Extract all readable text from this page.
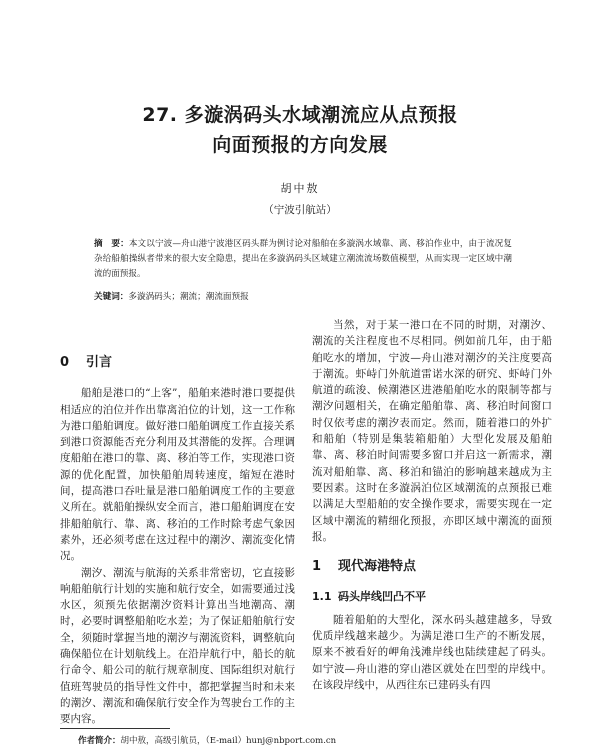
27. 多漩涡码头水域潮流应从点预报
向面预报的方向发展
胡中敖
（宁波引航站）
摘　要：本文以宁波—舟山港宁波港区码头群为例讨论对船舶在多漩涡水域靠、离、移泊作业中，由于流况复杂给船舶操纵者带来的很大安全隐患，提出在多漩涡码头区域建立潮流流场数值模型，从而实现一定区域中潮流的面预报。
关键词：多漩涡码头；潮流；潮流面预报
0 引言

船舶是港口的“上客”，船舶来港时港口要提供相适应的泊位并作出靠离泊位的计划，这一工作称为港口船舶调度。做好港口船舶调度工作直接关系到港口资源能否充分利用及其潜能的发挥。合理调度船舶在港口的靠、离、移泊等工作，实现港口资源的优化配置，加快船舶周转速度，缩短在港时间，提高港口吞吐量是港口船舶调度工作的主要意义所在。就船舶操纵安全而言，港口船舶调度在安排船舶航行、靠、离、移泊的工作时除考虑气象因素外，还必须考虑在这过程中的潮汐、潮流变化情况。

潮汐、潮流与航海的关系非常密切，它直接影响船舶航行计划的实施和航行安全，如需要通过浅水区，须预先依据潮汐资料计算出当地潮高、潮时，必要时调整船舶吃水差；为了保证船舶航行安全，须随时掌握当地的潮汐与潮流资料，调整航向确保船位在计划航线上。在沿岸航行中，船长的航行命令、船公司的航行规章制度、国际组织对航行值班驾驶员的指导性文件中，都把掌握当时和未来的潮汐、潮流和确保航行安全作为驾驶台工作的主要内容。

当然，对于某一港口在不同的时期，对潮汐、潮流的关注程度也不尽相同。例如前几年，由于船舶吃水的增加，宁波—舟山港对潮汐的关注度要高于潮流。虾峙门外航道雷诺水深的研究、虾峙门外航道的疏浚、候潮港区进港船舶吃水的限制等都与潮汐问题相关，在确定船舶靠、离、移泊时间窗口时仅依考虑的潮汐表而定。然而，随着港口的外扩和船舶（特别是集装箱船舶）大型化发展及船舶靠、离、移泊时间需要多窗口并启这一新需求，潮流对船舶靠、离、移泊和锚泊的影响越来越成为主要因素。这时在多漩涡泊位区域潮流的点预报已难以满足大型船舶的安全操作要求，需要实现在一定区域中潮流的精细化预报，亦即区域中潮流的面预报。

1 现代海港特点
1.1 码头岸线凹凸不平

随着船舶的大型化，深水码头越建越多，导致优质岸线越来越少。为满足港口生产的不断发展，原来不被看好的岬角浅滩岸线也陆续建起了码头。如宁波—舟山港的穿山港区就处在凹型的岸线中。在该段岸线中，从西往东已建码头有四

作者简介：胡中敖，高级引航员，（E-mail）hunj@nbport.com.cn
